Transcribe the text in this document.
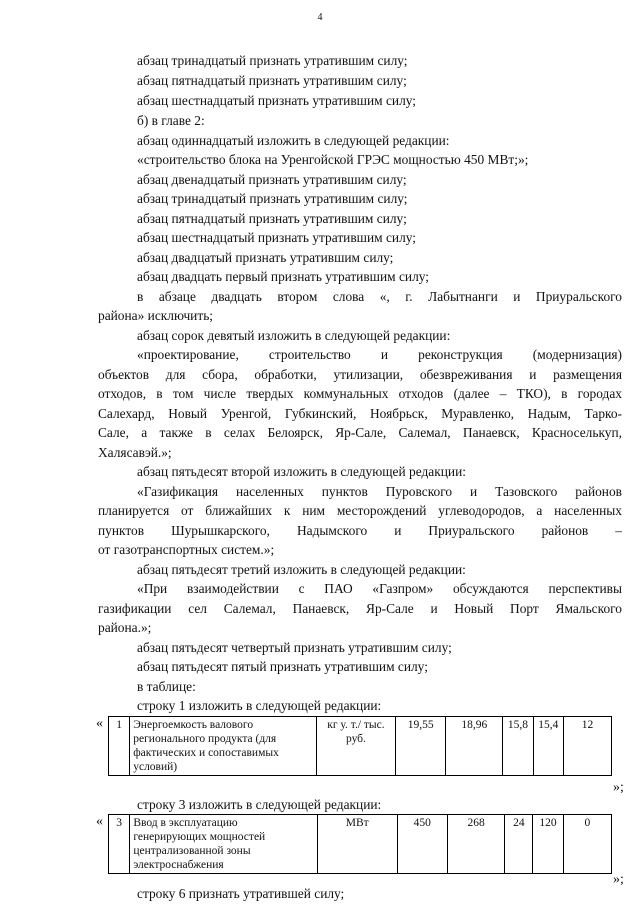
4
абзац тринадцатый признать утратившим силу;
абзац пятнадцатый признать утратившим силу;
абзац шестнадцатый признать утратившим силу;
б) в главе 2:
абзац одиннадцатый изложить в следующей редакции:
«строительство блока на Уренгойской ГРЭС мощностью 450 МВт;»;
абзац двенадцатый признать утратившим силу;
абзац тринадцатый признать утратившим силу;
абзац пятнадцатый признать утратившим силу;
абзац шестнадцатый признать утратившим силу;
абзац двадцатый признать утратившим силу;
абзац двадцать первый признать утратившим силу;
в абзаце двадцать втором слова «, г. Лабытнанги и Приуральского
района» исключить;
абзац сорок девятый изложить в следующей редакции:
«проектирование, строительство и реконструкция (модернизация)
объектов для сбора, обработки, утилизации, обезвреживания и размещения
отходов, в том числе твердых коммунальных отходов (далее – ТКО), в городах
Салехард, Новый Уренгой, Губкинский, Ноябрьск, Муравленко, Надым, Тарко-
Сале, а также в селах Белоярск, Яр-Сале, Салемал, Панаевск, Красноселькуп,
Халясавэй.»;
абзац пятьдесят второй изложить в следующей редакции:
«Газификация населенных пунктов Пуровского и Тазовского районов
планируется от ближайших к ним месторождений углеводородов, а населенных
пунктов Шурышкарского, Надымского и Приуральского районов –
от газотранспортных систем.»;
абзац пятьдесят третий изложить в следующей редакции:
«При взаимодействии с ПАО «Газпром» обсуждаются перспективы
газификации сел Салемал, Панаевск, Яр-Сале и Новый Порт Ямальского
района.»;
абзац пятьдесят четвертый признать утратившим силу;
абзац пятьдесят пятый признать утратившим силу;
в таблице:
строку 1 изложить в следующей редакции:
« 1	Энергоемкость валового регионального продукта (для фактических и сопоставимых условий)	кг у. т./ тыс. руб.	19,55	18,96	15,8	15,4	12
»;
строку 3 изложить в следующей редакции:
« 3	Ввод в эксплуатацию генерирующих мощностей централизованной зоны электроснабжения	МВт	450	268	24	120	0
»;
строку 6 признать утратившей силу;
